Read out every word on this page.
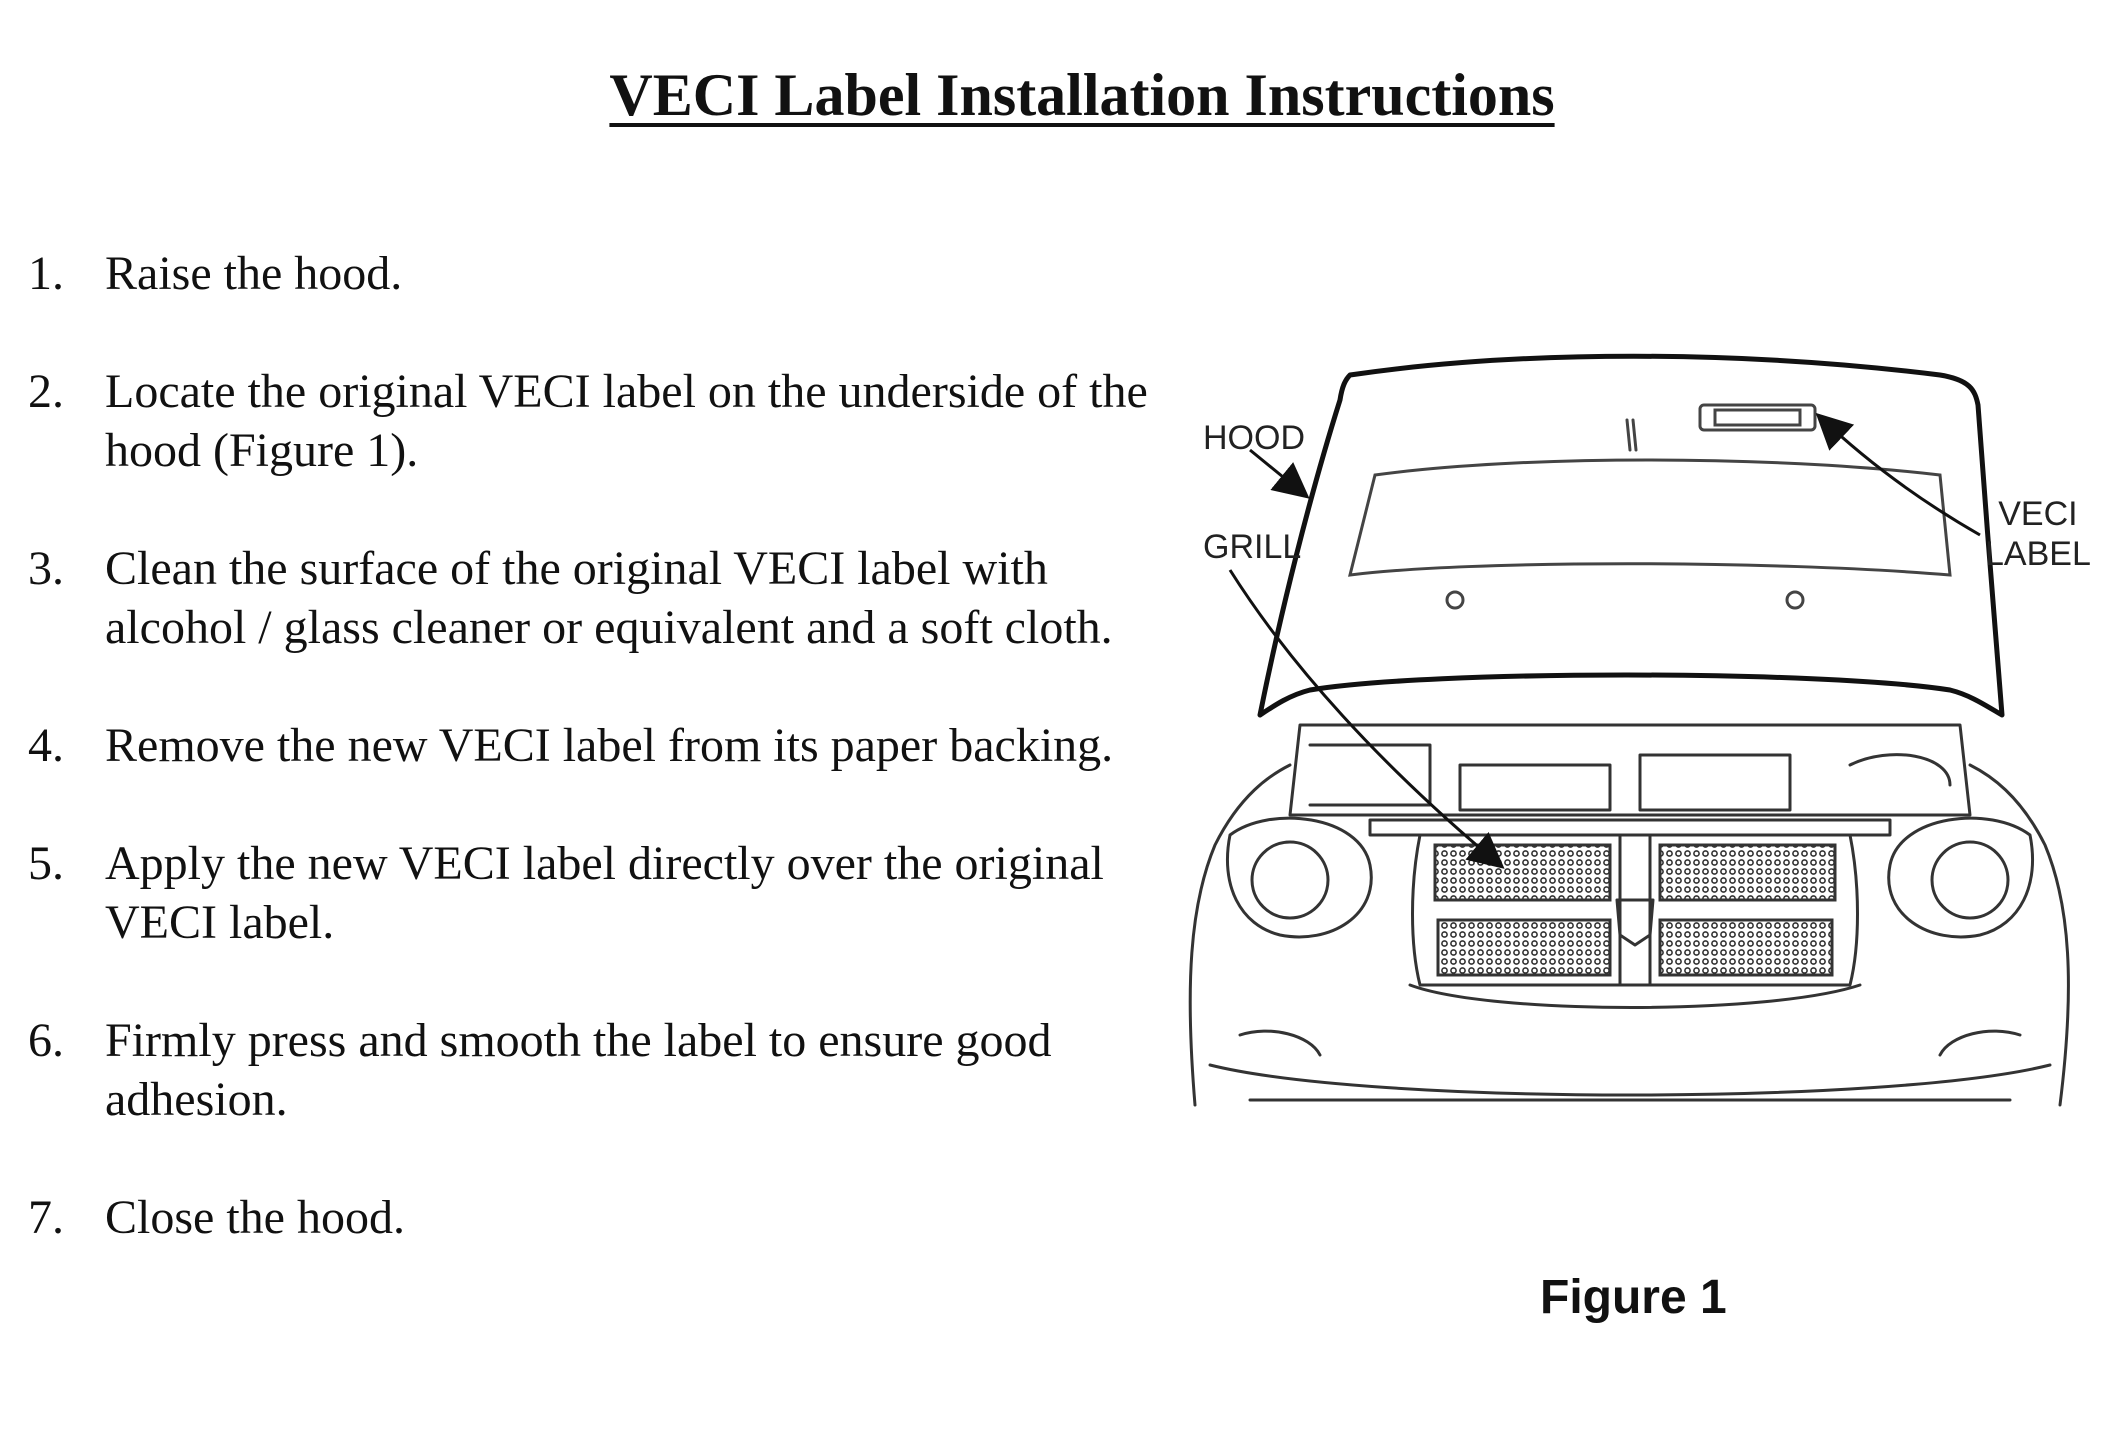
VECI Label Installation Instructions
1. Raise the hood.
2. Locate the original VECI label on the underside of the hood (Figure 1).
3. Clean the surface of the original VECI label with alcohol / glass cleaner or equivalent and a soft cloth.
4. Remove the new VECI label from its paper backing.
5. Apply the new VECI label directly over the original VECI label.
6. Firmly press and smooth the label to ensure good adhesion.
7. Close the hood.
HOOD
GRILL
VECI
LABEL
Figure 1
